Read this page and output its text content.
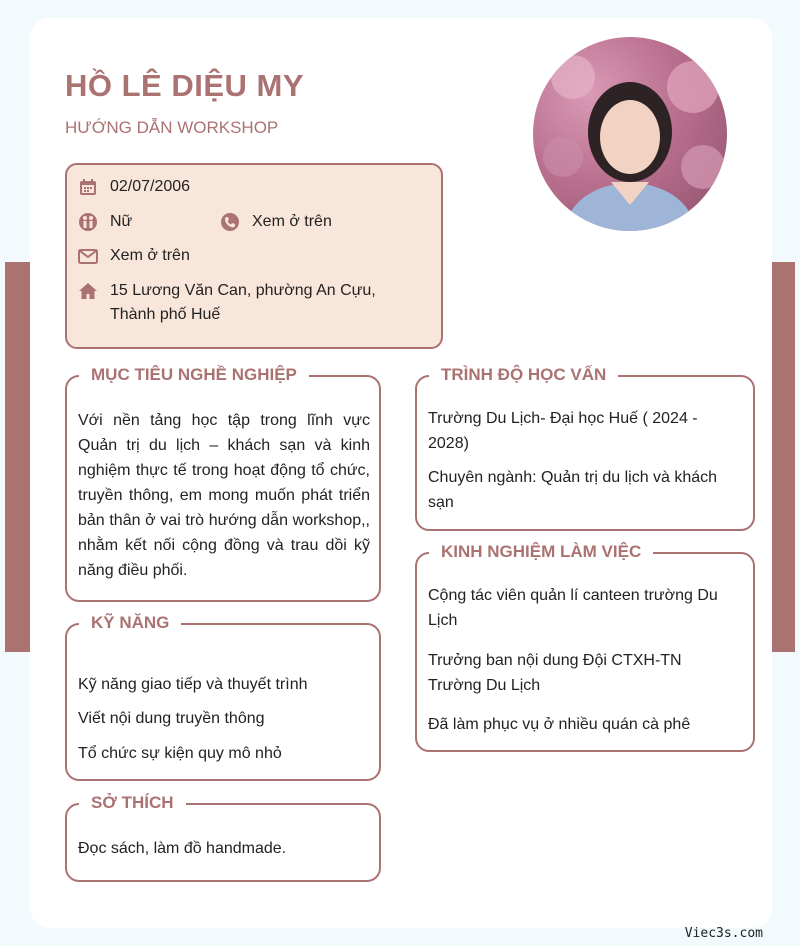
HỒ LÊ DIỆU MY
HƯỚNG DẪN WORKSHOP
02/07/2006
Nữ	Xem ở trên
Xem ở trên
15 Lương Văn Can, phường An Cựu,
Thành phố Huế
MỤC TIÊU NGHỀ NGHIỆP

Với nền tảng học tập trong lĩnh vực Quản trị du lịch – khách sạn và kinh nghiệm thực tế trong hoạt động tổ chức, truyền thông, em mong muốn phát triển bản thân ở vai trò hướng dẫn workshop,, nhằm kết nối cộng đồng và trau dồi kỹ năng điều phối.

KỸ NĂNG

Kỹ năng giao tiếp và thuyết trình

Viết nội dung truyền thông

Tổ chức sự kiện quy mô nhỏ

SỞ THÍCH

Đọc sách, làm đồ handmade.

TRÌNH ĐỘ HỌC VẤN

Trường Du Lịch- Đại học Huế ( 2024 - 2028)

Chuyên ngành: Quản trị du lịch và khách sạn

KINH NGHIỆM LÀM VIỆC

Cộng tác viên quản lí canteen trường Du Lịch

Trưởng ban nội dung Đội CTXH-TN Trường Du Lịch

Đã làm phục vụ ở nhiều quán cà phê

Viec3s.com
